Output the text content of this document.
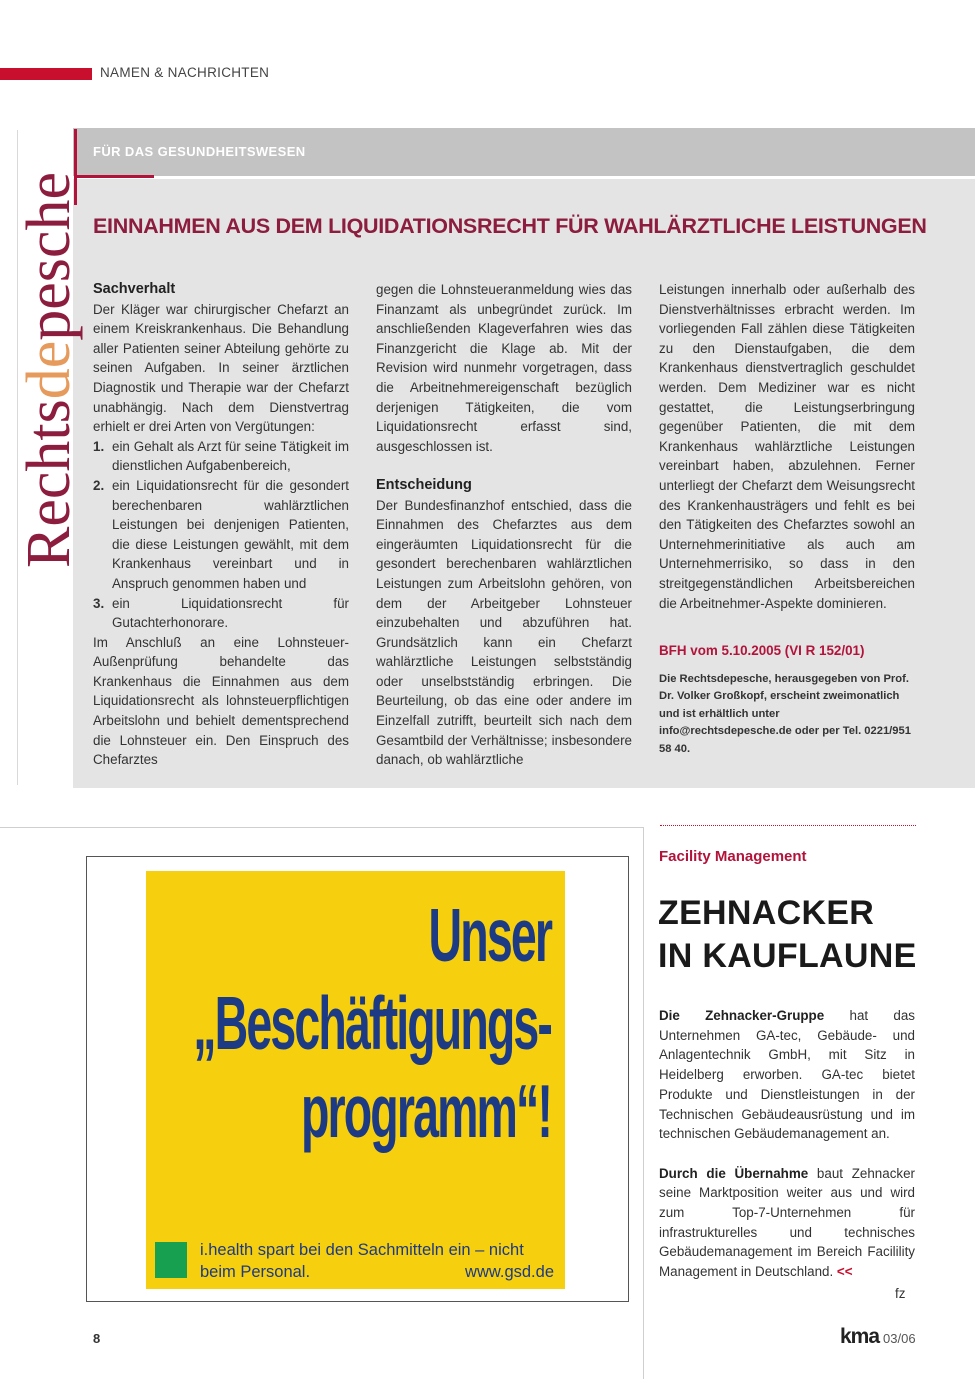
NAMEN & NACHRICHTEN
FÜR DAS GESUNDHEITSWESEN
Rechtsdepesche EINNAHMEN AUS DEM LIQUIDATIONSRECHT FÜR WAHLÄRZTLICHE LEISTUNGEN
Sachverhalt

Der Kläger war chirurgischer Chefarzt an einem Kreiskrankenhaus. Die Behandlung aller Patienten seiner Abteilung gehörte zu seinen Aufgaben. In seiner ärztlichen Diagnostik und Therapie war der Chefarzt unabhängig. Nach dem Dienstvertrag erhielt er drei Arten von Vergütungen:

1. ein Gehalt als Arzt für seine Tätigkeit im dienstlichen Aufgabenbereich,
2. ein Liquidationsrecht für die gesondert berechenbaren wahlärztlichen Leistungen bei denjenigen Patienten, die diese Leistungen gewählt, mit dem Krankenhaus vereinbart und in Anspruch genommen haben und
3. ein Liquidationsrecht für Gutachterhonorare.

Im Anschluß an eine Lohnsteuer-Außenprüfung behandelte das Krankenhaus die Einnahmen aus dem Liquidationsrecht als lohnsteuerpflichtigen Arbeitslohn und behielt dementsprechend die Lohnsteuer ein. Den Einspruch des Chefarztes

gegen die Lohnsteueranmeldung wies das Finanzamt als unbegründet zurück. Im anschließenden Klageverfahren wies das Finanzgericht die Klage ab. Mit der Revision wird nunmehr vorgetragen, dass die Arbeitnehmereigenschaft bezüglich derjenigen Tätigkeiten, die vom Liquidationsrecht erfasst sind, ausgeschlossen ist.

Entscheidung

Der Bundesfinanzhof entschied, dass die Einnahmen des Chefarztes aus dem eingeräumten Liquidationsrecht für die gesondert berechenbaren wahlärztlichen Leistungen zum Arbeitslohn gehören, von dem der Arbeitgeber Lohnsteuer einzubehalten und abzuführen hat. Grundsätzlich kann ein Chefarzt wahlärztliche Leistungen selbstständig oder unselbstständig erbringen. Die Beurteilung, ob das eine oder andere im Einzelfall zutrifft, beurteilt sich nach dem Gesamtbild der Verhältnisse; insbesondere danach, ob wahlärztliche

Leistungen innerhalb oder außerhalb des Dienstverhältnisses erbracht werden. Im vorliegenden Fall zählen diese Tätigkeiten zu den Dienstaufgaben, die dem Krankenhaus dienstvertraglich geschuldet werden. Dem Mediziner war es nicht gestattet, die Leistungserbringung gegenüber Patienten, die mit dem Krankenhaus wahlärztliche Leistungen vereinbart haben, abzulehnen. Ferner unterliegt der Chefarzt dem Weisungsrecht des Krankenhausträgers und fehlt es bei den Tätigkeiten des Chefarztes sowohl an Unternehmerinitiative als auch am Unternehmerrisiko, so dass in den streitgegenständlichen Arbeitsbereichen die Arbeitnehmer-Aspekte dominieren.

BFH vom 5.10.2005 (VI R 152/01)
Die Rechtsdepesche, herausgegeben von Prof. Dr. Volker Großkopf, erscheint zweimonatlich und ist erhältlich unter info@rechtsdepesche.de oder per Tel. 0221/951 58 40.
Unser
„Beschäftigungs-
programm“!
i.health spart bei den Sachmitteln ein – nicht
beim Personal.	www.gsd.de
Facility Management
ZEHNACKER
IN KAUFLAUNE

Die Zehnacker-Gruppe hat das Unternehmen GA-tec, Gebäude- und Anlagentechnik GmbH, mit Sitz in Heidelberg erworben. GA-tec bietet Produkte und Dienstleistungen in der Technischen Gebäudeausrüstung und im technischen Gebäudemanagement an.

Durch die Übernahme baut Zehnacker seine Marktposition weiter aus und wird zum Top-7-Unternehmen für infrastrukturelles und technisches Gebäudemanagement im Bereich Facilility Management in Deutschland. <<

fz
8	kma 03/06
